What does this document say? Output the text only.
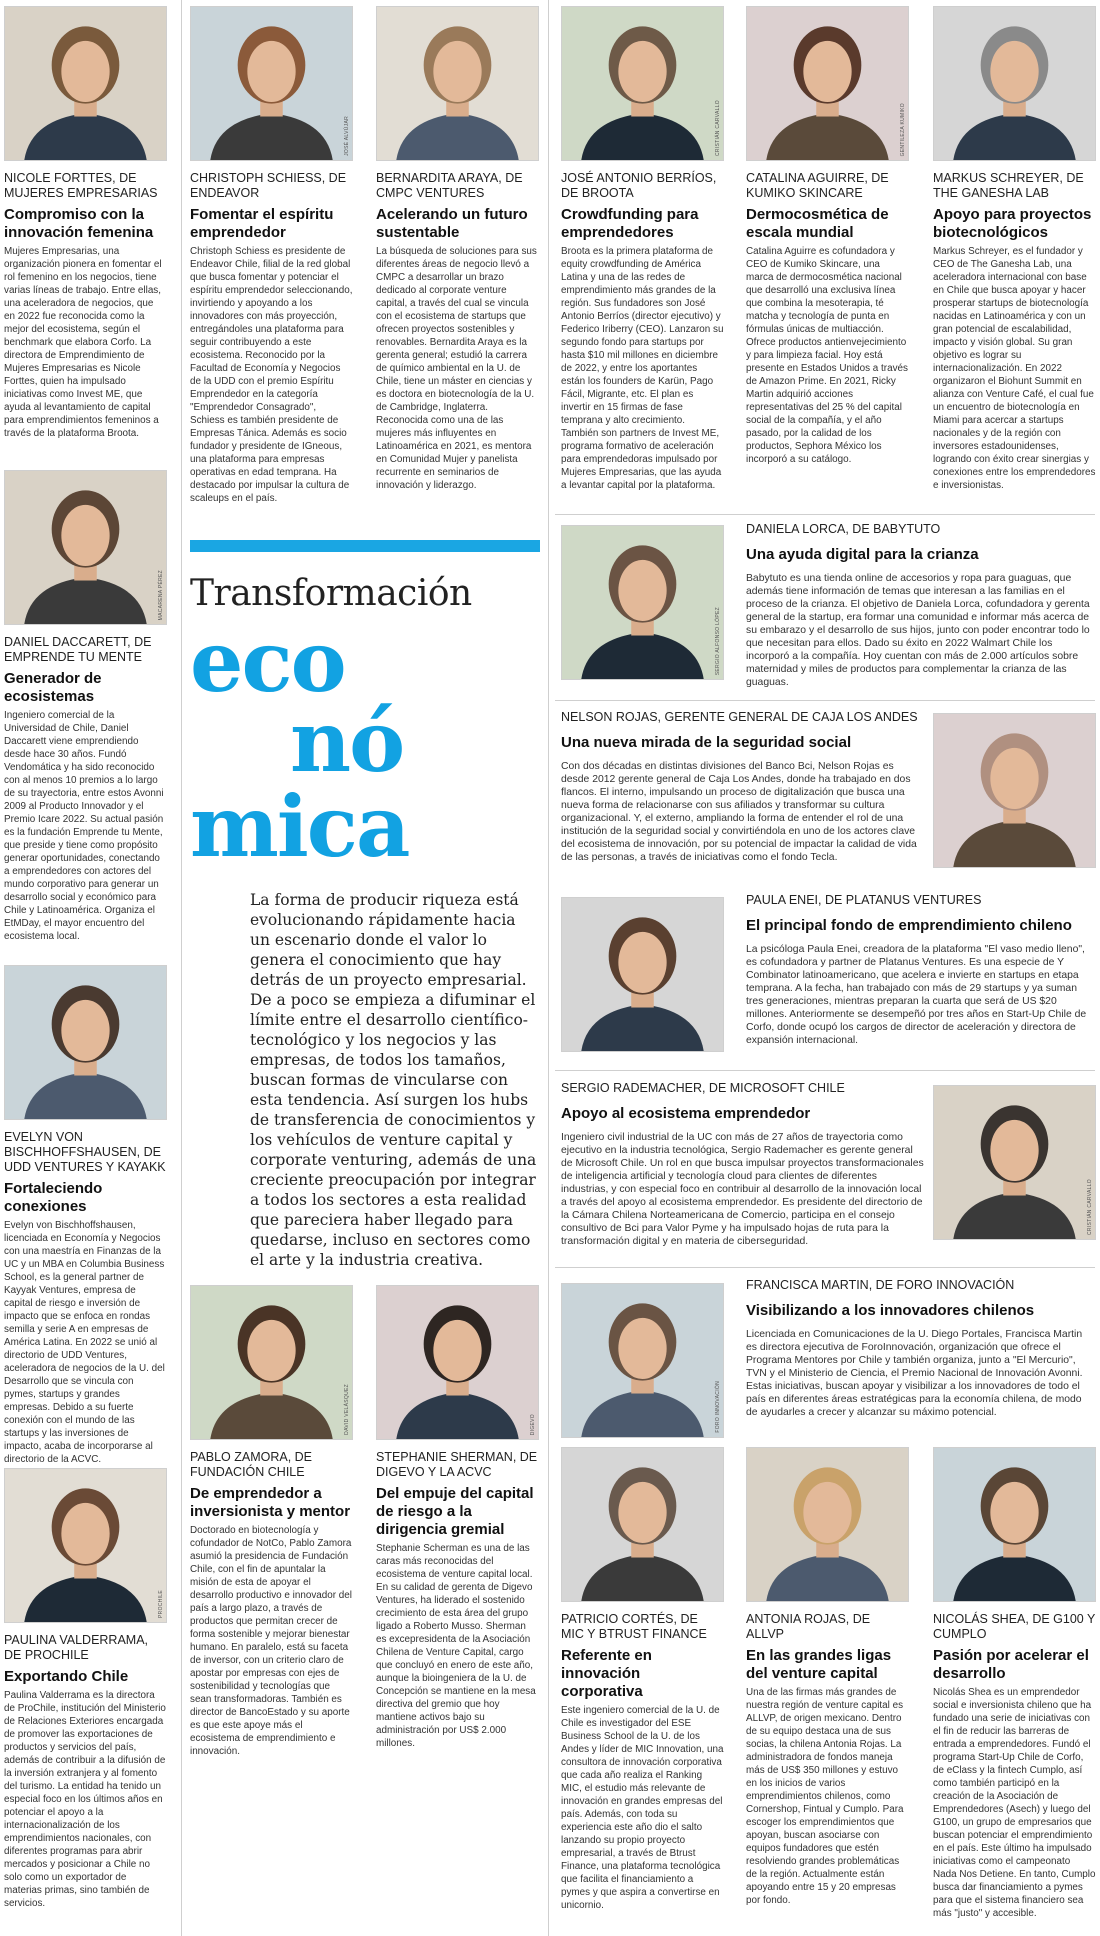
Transformación
eco
nó
mica
La forma de producir riqueza está evolucionando rápidamente hacia un escenario donde el valor lo genera el conocimiento que hay detrás de un proyecto empresarial. De a poco se empieza a difuminar el límite entre el desarrollo científico-tecnológico y los negocios y las empresas, de todos los tamaños, buscan formas de vincularse con esta tendencia. Así surgen los hubs de transferencia de conocimientos y los vehículos de venture capital y corporate venturing, además de una creciente preocupación por integrar a todos los sectores a esta realidad que pareciera haber llegado para quedarse, incluso en sectores como el arte y la industria creativa.
NICOLE FORTTES, DE MUJERES EMPRESARIAS
Compromiso con la innovación femenina
Mujeres Empresarias, una organización pionera en fomentar el rol femenino en los negocios, tiene varias líneas de trabajo. Entre ellas, una aceleradora de negocios, que en 2022 fue reconocida como la mejor del ecosistema, según el benchmark que elabora Corfo. La directora de Emprendimiento de Mujeres Empresarias es Nicole Forttes, quien ha impulsado iniciativas como Invest ME, que ayuda al levantamiento de capital para emprendimientos femeninos a través de la plataforma Broota.
JOSÉ ALVÚJAR
CHRISTOPH SCHIESS, DE ENDEAVOR
Fomentar el espíritu emprendedor
Christoph Schiess es presidente de Endeavor Chile, filial de la red global que busca fomentar y potenciar el espíritu emprendedor seleccionando, invirtiendo y apoyando a los innovadores con más proyección, entregándoles una plataforma para seguir contribuyendo a este ecosistema. Reconocido por la Facultad de Economía y Negocios de la UDD con el premio Espíritu Emprendedor en la categoría "Emprendedor Consagrado", Schiess es también presidente de Empresas Tánica. Además es socio fundador y presidente de IGneous, una plataforma para empresas operativas en edad temprana. Ha destacado por impulsar la cultura de scaleups en el país.
BERNARDITA ARAYA, DE CMPC VENTURES
Acelerando un futuro sustentable
La búsqueda de soluciones para sus diferentes áreas de negocio llevó a CMPC a desarrollar un brazo dedicado al corporate venture capital, a través del cual se vincula con el ecosistema de startups que ofrecen proyectos sostenibles y renovables. Bernardita Araya es la gerenta general; estudió la carrera de químico ambiental en la U. de Chile, tiene un máster en ciencias y es doctora en biotecnología de la U. de Cambridge, Inglaterra. Reconocida como una de las mujeres más influyentes en Latinoamérica en 2021, es mentora en Comunidad Mujer y panelista recurrente en seminarios de innovación y liderazgo.
CRISTIÁN CARVALLO
JOSÉ ANTONIO BERRÍOS, DE BROOTA
Crowdfunding para emprendedores
Broota es la primera plataforma de equity crowdfunding de América Latina y una de las redes de emprendimiento más grandes de la región. Sus fundadores son José Antonio Berríos (director ejecutivo) y Federico Iriberry (CEO). Lanzaron su segundo fondo para startups por hasta $10 mil millones en diciembre de 2022, y entre los aportantes están los founders de Karün, Pago Fácil, Migrante, etc. El plan es invertir en 15 firmas de fase temprana y alto crecimiento. También son partners de Invest ME, programa formativo de aceleración para emprendedoras impulsado por Mujeres Empresarias, que las ayuda a levantar capital por la plataforma.
GENTILEZA KUMIKO
CATALINA AGUIRRE, DE KUMIKO SKINCARE
Dermocosmética de escala mundial
Catalina Aguirre es cofundadora y CEO de Kumiko Skincare, una marca de dermocosmética nacional que desarrolló una exclusiva línea que combina la mesoterapia, té matcha y tecnología de punta en fórmulas únicas de multiacción. Ofrece productos antienvejecimiento y para limpieza facial. Hoy está presente en Estados Unidos a través de Amazon Prime. En 2021, Ricky Martin adquirió acciones representativas del 25 % del capital social de la compañía, y el año pasado, por la calidad de los productos, Sephora México los incorporó a su catálogo.
MARKUS SCHREYER, DE THE GANESHA LAB
Apoyo para proyectos biotecnológicos
Markus Schreyer, es el fundador y CEO de The Ganesha Lab, una aceleradora internacional con base en Chile que busca apoyar y hacer prosperar startups de biotecnología nacidas en Latinoamérica y con un gran potencial de escalabilidad, impacto y visión global. Su gran objetivo es lograr su internacionalización. En 2022 organizaron el Biohunt Summit en alianza con Venture Café, el cual fue un encuentro de biotecnología en Miami para acercar a startups nacionales y de la región con inversores estadounidenses, logrando con éxito crear sinergias y conexiones entre los emprendedores e inversionistas.
MACARENA PÉREZ
DANIEL DACCARETT, DE EMPRENDE TU MENTE
Generador de ecosistemas
Ingeniero comercial de la Universidad de Chile, Daniel Daccarett viene emprendiendo desde hace 30 años. Fundó Vendomática y ha sido reconocido con al menos 10 premios a lo largo de su trayectoria, entre estos Avonni 2009 al Producto Innovador y el Premio Icare 2022. Su actual pasión es la fundación Emprende tu Mente, que preside y tiene como propósito generar oportunidades, conectando a emprendedores con actores del mundo corporativo para generar un desarrollo social y económico para Chile y Latinoamérica. Organiza el EtMDay, el mayor encuentro del ecosistema local.
EVELYN VON BISCHHOFFSHAUSEN, DE UDD VENTURES Y KAYAKK
Fortaleciendo conexiones
Evelyn von Bischhoffshausen, licenciada en Economía y Negocios con una maestría en Finanzas de la UC y un MBA en Columbia Business School, es la general partner de Kayyak Ventures, empresa de capital de riesgo e inversión de impacto que se enfoca en rondas semilla y serie A en empresas de América Latina. En 2022 se unió al directorio de UDD Ventures, aceleradora de negocios de la U. del Desarrollo que se vincula con pymes, startups y grandes empresas. Debido a su fuerte conexión con el mundo de las startups y las inversiones de impacto, acaba de incorporarse al directorio de la ACVC.
PROCHILE
PAULINA VALDERRAMA, DE PROCHILE
Exportando Chile
Paulina Valderrama es la directora de ProChile, institución del Ministerio de Relaciones Exteriores encargada de promover las exportaciones de productos y servicios del país, además de contribuir a la difusión de la inversión extranjera y al fomento del turismo. La entidad ha tenido un especial foco en los últimos años en potenciar el apoyo a la internacionalización de los emprendimientos nacionales, con diferentes programas para abrir mercados y posicionar a Chile no solo como un exportador de materias primas, sino también de servicios.
DAVID VELÁSQUEZ
PABLO ZAMORA, DE FUNDACIÓN CHILE
De emprendedor a inversionista y mentor
Doctorado en biotecnología y cofundador de NotCo, Pablo Zamora asumió la presidencia de Fundación Chile, con el fin de apuntalar la misión de esta de apoyar el desarrollo productivo e innovador del país a largo plazo, a través de productos que permitan crecer de forma sostenible y mejorar bienestar humano. En paralelo, está su faceta de inversor, con un criterio claro de apostar por empresas con ejes de sostenibilidad y tecnologías que sean transformadoras. También es director de BancoEstado y su aporte es que este apoye más el ecosistema de emprendimiento e innovación.
DIGEVO
STEPHANIE SHERMAN, DE DIGEVO Y LA ACVC
Del empuje del capital de riesgo a la dirigencia gremial
Stephanie Scherman es una de las caras más reconocidas del ecosistema de venture capital local. En su calidad de gerenta de Digevo Ventures, ha liderado el sostenido crecimiento de esta área del grupo ligado a Roberto Musso. Sherman es excepresidenta de la Asociación Chilena de Venture Capital, cargo que concluyó en enero de este año, aunque la bioingeniera de la U. de Concepción se mantiene en la mesa directiva del gremio que hoy mantiene activos bajo su administración por US$ 2.000 millones.
PATRICIO CORTÉS, DE MIC Y BTRUST FINANCE
Referente en innovación corporativa
Este ingeniero comercial de la U. de Chile es investigador del ESE Business School de la U. de los Andes y líder de MIC Innovation, una consultora de innovación corporativa que cada año realiza el Ranking MIC, el estudio más relevante de innovación en grandes empresas del país. Además, con toda su experiencia este año dio el salto lanzando su propio proyecto empresarial, a través de Btrust Finance, una plataforma tecnológica que facilita el financiamiento a pymes y que aspira a convertirse en unicornio.
ANTONIA ROJAS, DE ALLVP
En las grandes ligas del venture capital
Una de las firmas más grandes de nuestra región de venture capital es ALLVP, de origen mexicano. Dentro de su equipo destaca una de sus socias, la chilena Antonia Rojas. La administradora de fondos maneja más de US$ 350 millones y estuvo en los inicios de varios emprendimientos chilenos, como Cornershop, Fintual y Cumplo. Para escoger los emprendimientos que apoyan, buscan asociarse con equipos fundadores que estén resolviendo grandes problemáticas de la región. Actualmente están apoyando entre 15 y 20 empresas por fondo.
NICOLÁS SHEA, DE G100 Y CUMPLO
Pasión por acelerar el desarrollo
Nicolás Shea es un emprendedor social e inversionista chileno que ha fundado una serie de iniciativas con el fin de reducir las barreras de entrada a emprendedores. Fundó el programa Start-Up Chile de Corfo, de eClass y la fintech Cumplo, así como también participó en la creación de la Asociación de Emprendedores (Asech) y luego del G100, un grupo de empresarios que buscan potenciar el emprendimiento en el país. Este último ha impulsado iniciativas como el campeonato Nada Nos Detiene. En tanto, Cumplo busca dar financiamiento a pymes para que el sistema financiero sea más "justo" y accesible.
SERGIO ALFONSO LÓPEZ
DANIELA LORCA, DE BABYTUTO
Una ayuda digital para la crianza
Babytuto es una tienda online de accesorios y ropa para guaguas, que además tiene información de temas que interesan a las familias en el proceso de la crianza. El objetivo de Daniela Lorca, cofundadora y gerenta general de la startup, era formar una comunidad e informar más acerca de su embarazo y el desarrollo de sus hijos, junto con poder encontrar todo lo que necesitan para ellos. Dado su éxito en 2022 Walmart Chile los incorporó a la compañía. Hoy cuentan con más de 2.000 artículos sobre maternidad y miles de productos para complementar la crianza de las guaguas.
NELSON ROJAS, GERENTE GENERAL DE CAJA LOS ANDES
Una nueva mirada de la seguridad social
Con dos décadas en distintas divisiones del Banco Bci, Nelson Rojas es desde 2012 gerente general de Caja Los Andes, donde ha trabajado en dos flancos. El interno, impulsando un proceso de digitalización que busca una nueva forma de relacionarse con sus afiliados y transformar su cultura organizacional. Y, el externo, ampliando la forma de entender el rol de una institución de la seguridad social y convirtiéndola en uno de los actores clave del ecosistema de innovación, por su potencial de impactar la calidad de vida de las personas, a través de iniciativas como el fondo Tecla.
PAULA ENEI, DE PLATANUS VENTURES
El principal fondo de emprendimiento chileno
La psicóloga Paula Enei, creadora de la plataforma "El vaso medio lleno", es cofundadora y partner de Platanus Ventures. Es una especie de Y Combinator latinoamericano, que acelera e invierte en startups en etapa temprana. A la fecha, han trabajado con más de 29 startups y ya suman tres generaciones, mientras preparan la cuarta que será de US $20 millones. Anteriormente se desempeñó por tres años en Start-Up Chile de Corfo, donde ocupó los cargos de director de aceleración y directora de expansión internacional.
CRISTIÁN CARVALLO
SERGIO RADEMACHER, DE MICROSOFT CHILE
Apoyo al ecosistema emprendedor
Ingeniero civil industrial de la UC con más de 27 años de trayectoria como ejecutivo en la industria tecnológica, Sergio Rademacher es gerente general de Microsoft Chile. Un rol en que busca impulsar proyectos transformacionales de inteligencia artificial y tecnología cloud para clientes de diferentes industrias, y con especial foco en contribuir al desarrollo de la innovación local a través del apoyo al ecosistema emprendedor. Es presidente del directorio de la Cámara Chilena Norteamericana de Comercio, participa en el consejo consultivo de Bci para Valor Pyme y ha impulsado hojas de ruta para la transformación digital y en materia de ciberseguridad.
FORO INNOVACIÓN
FRANCISCA MARTIN, DE FORO INNOVACIÓN
Visibilizando a los innovadores chilenos
Licenciada en Comunicaciones de la U. Diego Portales, Francisca Martin es directora ejecutiva de ForoInnovación, organización que ofrece el Programa Mentores por Chile y también organiza, junto a "El Mercurio", TVN y el Ministerio de Ciencia, el Premio Nacional de Innovación Avonni. Estas iniciativas, buscan apoyar y visibilizar a los innovadores de todo el país en diferentes áreas estratégicas para la economía chilena, de modo de ayudarles a crecer y alcanzar su máximo potencial.
